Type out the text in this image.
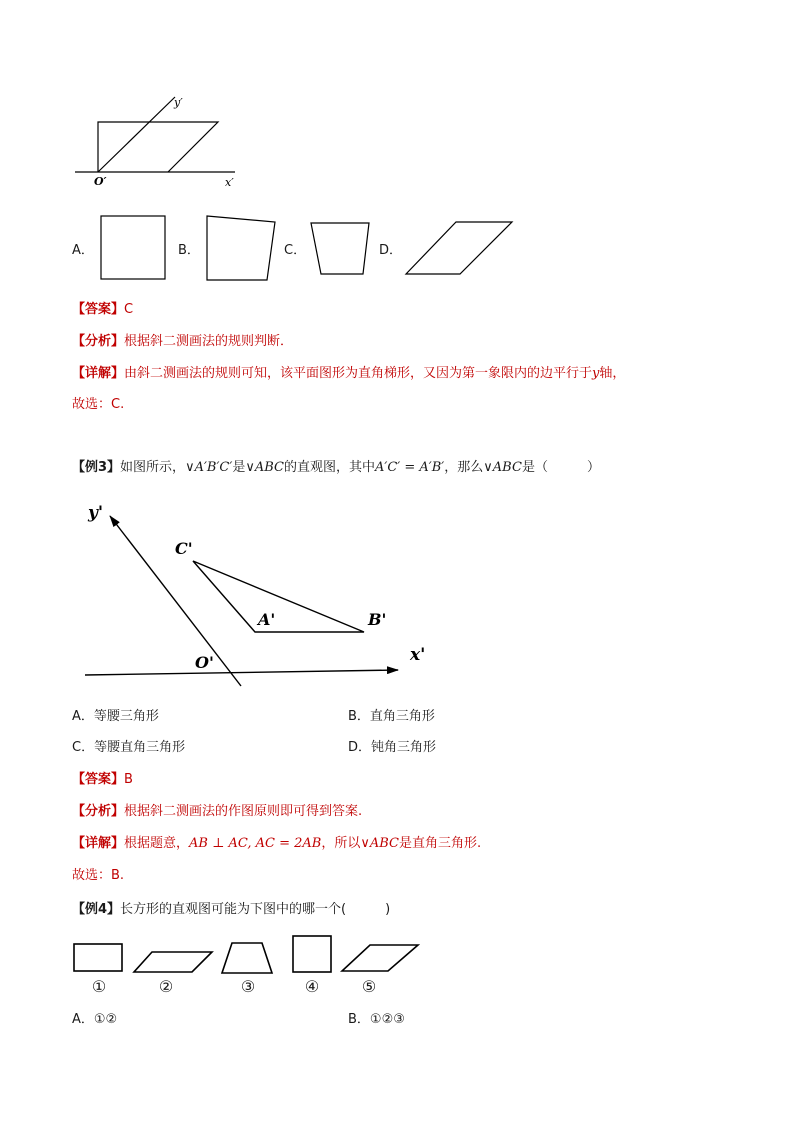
y′
x′
O′
A．	B．	C．	D．
【答案】C
【分析】根据斜二测画法的规则判断．
【详解】由斜二测画法的规则可知，该平面图形为直角梯形，又因为第一象限内的边平行于y轴，
故选：C.
【例3】如图所示，∨A′B′C′是∨ABC的直观图，其中A′C′ = A′B′，那么∨ABC是（　　　）
y'
x'
O'
A'	B'
C'
A．等腰三角形	B．直角三角形
C．等腰直角三角形	D．钝角三角形
【答案】B
【分析】根据斜二测画法的作图原则即可得到答案.
【详解】根据题意，AB ⊥ AC, AC = 2AB，所以∨ABC是直角三角形.
故选：B.
【例4】长方形的直观图可能为下图中的哪一个(　　　)
①	②	③	④	⑤
A．①②	B．①②③
